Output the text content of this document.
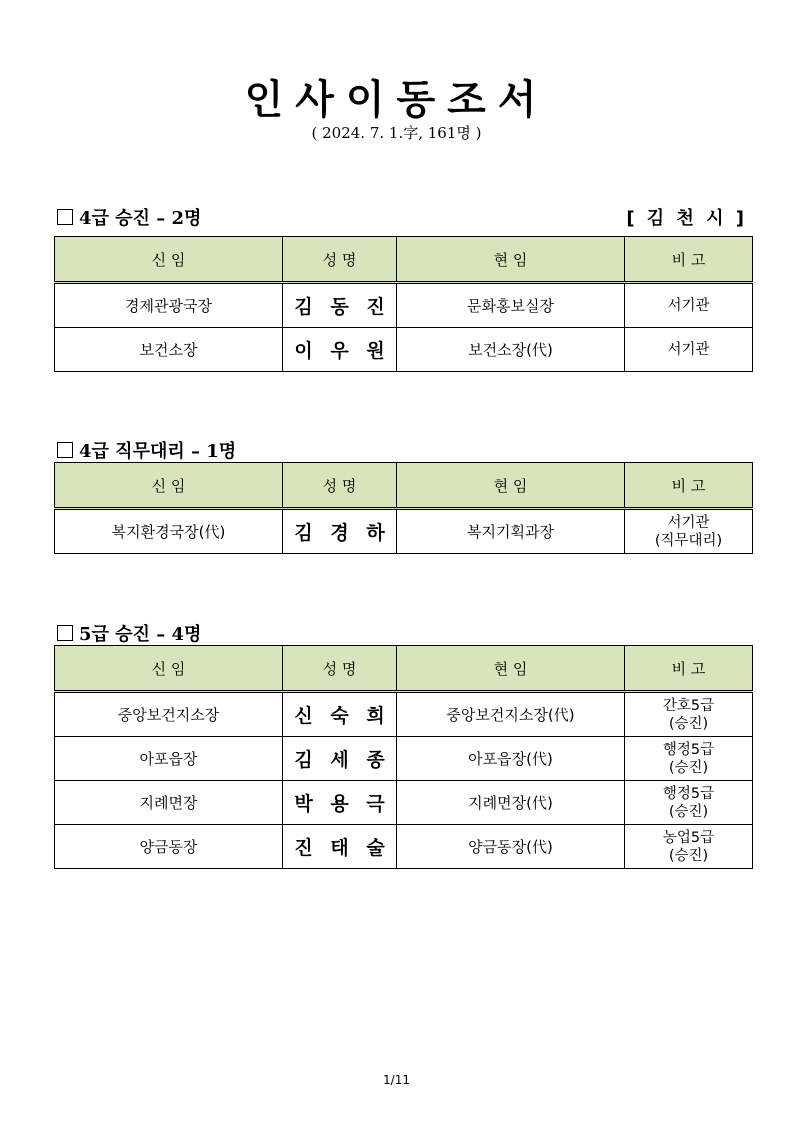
인사이동조서
( 2024. 7. 1.字, 161명 )
4급 승진 – 2명	[ 김 천 시 ]
신 임	성 명	현 임	비 고
경제관광국장	김 동 진	문화홍보실장	서기관

보건소장	이 우 원	보건소장(代)	서기관
4급 직무대리 – 1명
신 임	성 명	현 임	비 고
복지환경국장(代)	김 경 하	복지기획과장	서기관
(직무대리)
5급 승진 – 4명
신 임	성 명	현 임	비 고
중앙보건지소장	신 숙 희	중앙보건지소장(代)	간호5급
(승진)

아포읍장	김 세 종	아포읍장(代)	행정5급
(승진)

지례면장	박 용 극	지례면장(代)	행정5급
(승진)

양금동장	진 태 술	양금동장(代)	농업5급
(승진)
1/11
